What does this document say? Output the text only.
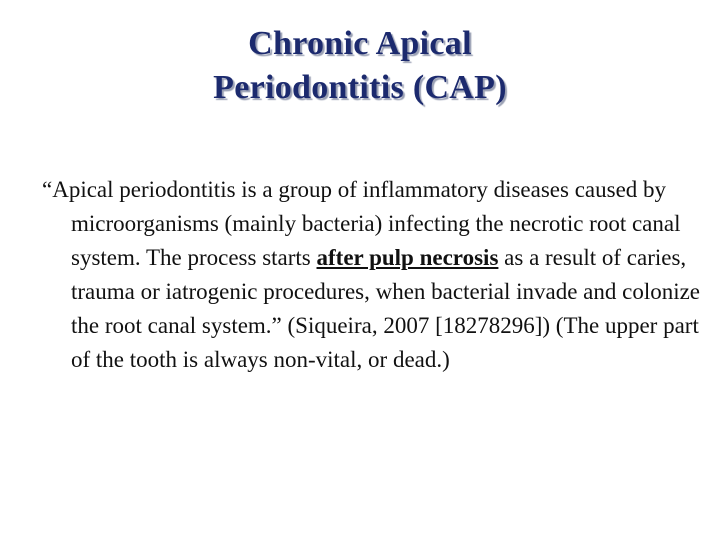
Chronic Apical
Periodontitis (CAP)

“Apical periodontitis is a group of inflammatory diseases caused by microorganisms (mainly bacteria) infecting the necrotic root canal system. The process starts after pulp necrosis as a result of caries, trauma or iatrogenic procedures, when bacterial invade and colonize the root canal system.” (Siqueira, 2007 [18278296]) (The upper part of the tooth is always non-vital, or dead.)
